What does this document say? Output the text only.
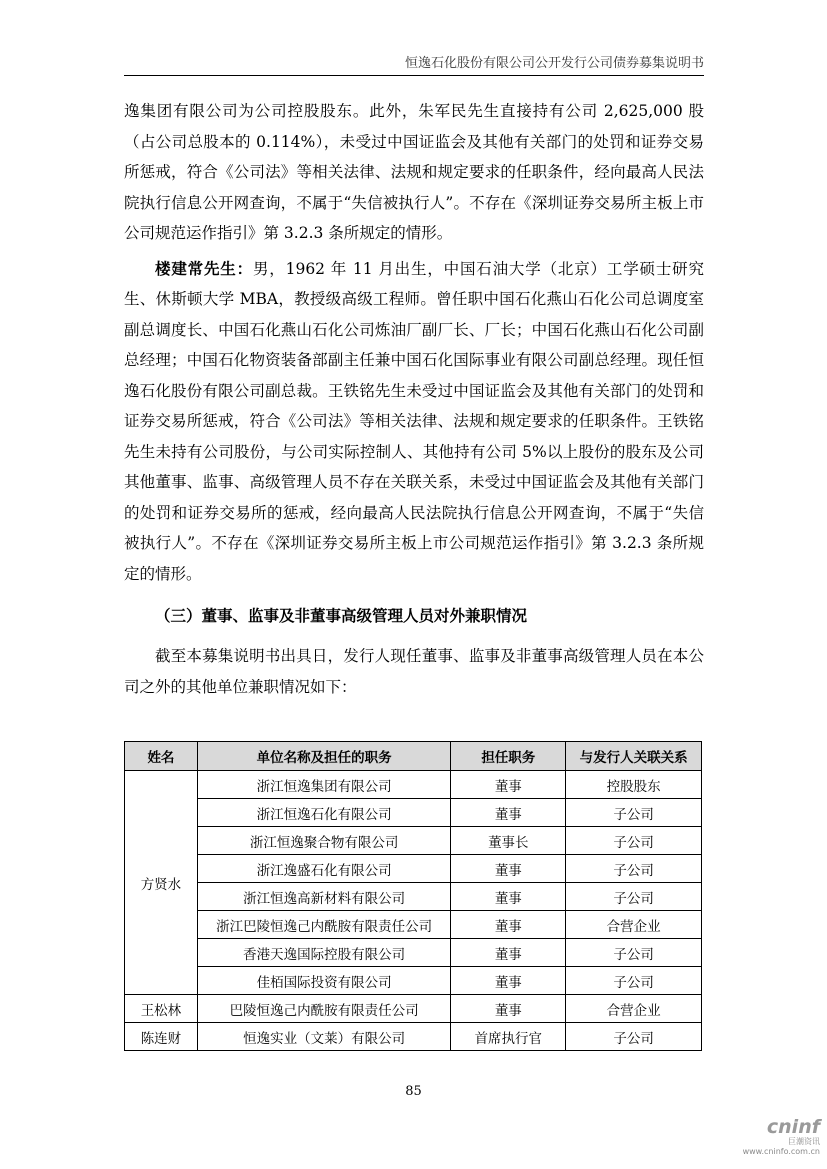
恒逸石化股份有限公司公开发行公司债券募集说明书

逸集团有限公司为公司控股股东。此外，朱军民先生直接持有公司 2,625,000 股（占公司总股本的 0.114%），未受过中国证监会及其他有关部门的处罚和证券交易所惩戒，符合《公司法》等相关法律、法规和规定要求的任职条件，经向最高人民法院执行信息公开网查询，不属于“失信被执行人”。不存在《深圳证券交易所主板上市公司规范运作指引》第 3.2.3 条所规定的情形。

楼建常先生：男，1962 年 11 月出生，中国石油大学（北京）工学硕士研究生、休斯顿大学 MBA，教授级高级工程师。曾任职中国石化燕山石化公司总调度室副总调度长、中国石化燕山石化公司炼油厂副厂长、厂长；中国石化燕山石化公司副总经理；中国石化物资装备部副主任兼中国石化国际事业有限公司副总经理。现任恒逸石化股份有限公司副总裁。王铁铭先生未受过中国证监会及其他有关部门的处罚和证券交易所惩戒，符合《公司法》等相关法律、法规和规定要求的任职条件。王铁铭先生未持有公司股份，与公司实际控制人、其他持有公司 5%以上股份的股东及公司其他董事、监事、高级管理人员不存在关联关系，未受过中国证监会及其他有关部门的处罚和证券交易所的惩戒，经向最高人民法院执行信息公开网查询，不属于“失信被执行人”。不存在《深圳证券交易所主板上市公司规范运作指引》第 3.2.3 条所规定的情形。

（三）董事、监事及非董事高级管理人员对外兼职情况

截至本募集说明书出具日，发行人现任董事、监事及非董事高级管理人员在本公司之外的其他单位兼职情况如下：

姓名	单位名称及担任的职务	担任职务	与发行人关联关系
方贤水	浙江恒逸集团有限公司	董事	控股股东
	浙江恒逸石化有限公司	董事	子公司
	浙江恒逸聚合物有限公司	董事长	子公司
	浙江逸盛石化有限公司	董事	子公司
	浙江恒逸高新材料有限公司	董事	子公司
	浙江巴陵恒逸己内酰胺有限责任公司	董事	合营企业
	香港天逸国际控股有限公司	董事	子公司
	佳栢国际投资有限公司	董事	子公司
王松林	巴陵恒逸己内酰胺有限责任公司	董事	合营企业
陈连财	恒逸实业（文莱）有限公司	首席执行官	子公司
85
cninf
巨潮资讯
www.cninfo.com.cn
